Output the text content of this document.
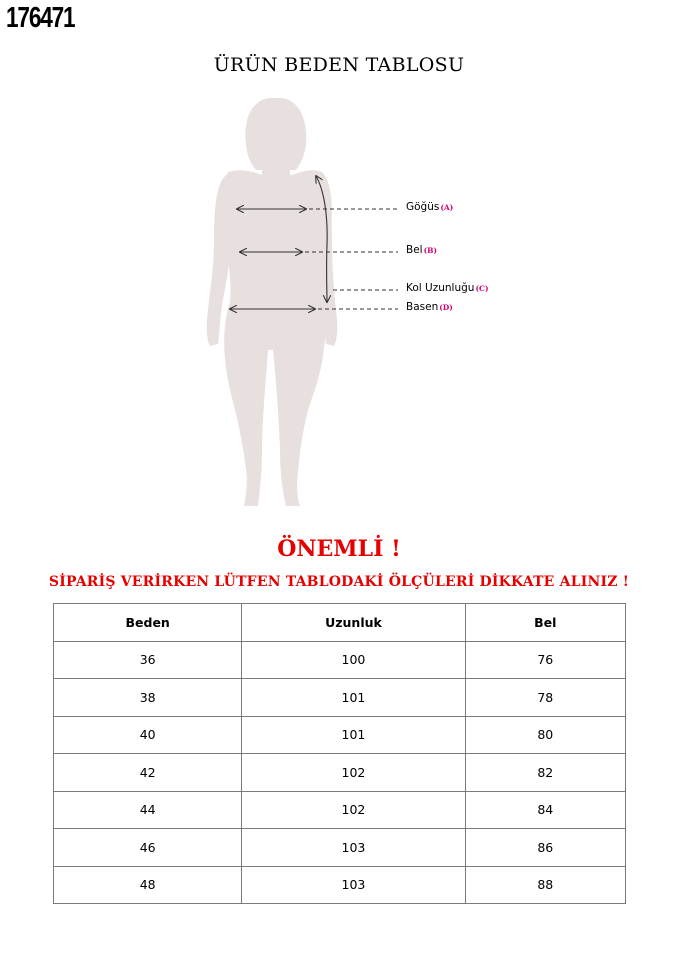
176471
ÜRÜN BEDEN TABLOSU
Göğüs(A)
Bel(B)
Kol Uzunluğu(C)
Basen(D)
ÖNEMLİ !
SİPARİŞ VERİRKEN LÜTFEN TABLODAKİ ÖLÇÜLERİ DİKKATE ALINIZ !
Beden	Uzunluk	Bel
36	100	76
38	101	78
40	101	80
42	102	82
44	102	84
46	103	86
48	103	88
